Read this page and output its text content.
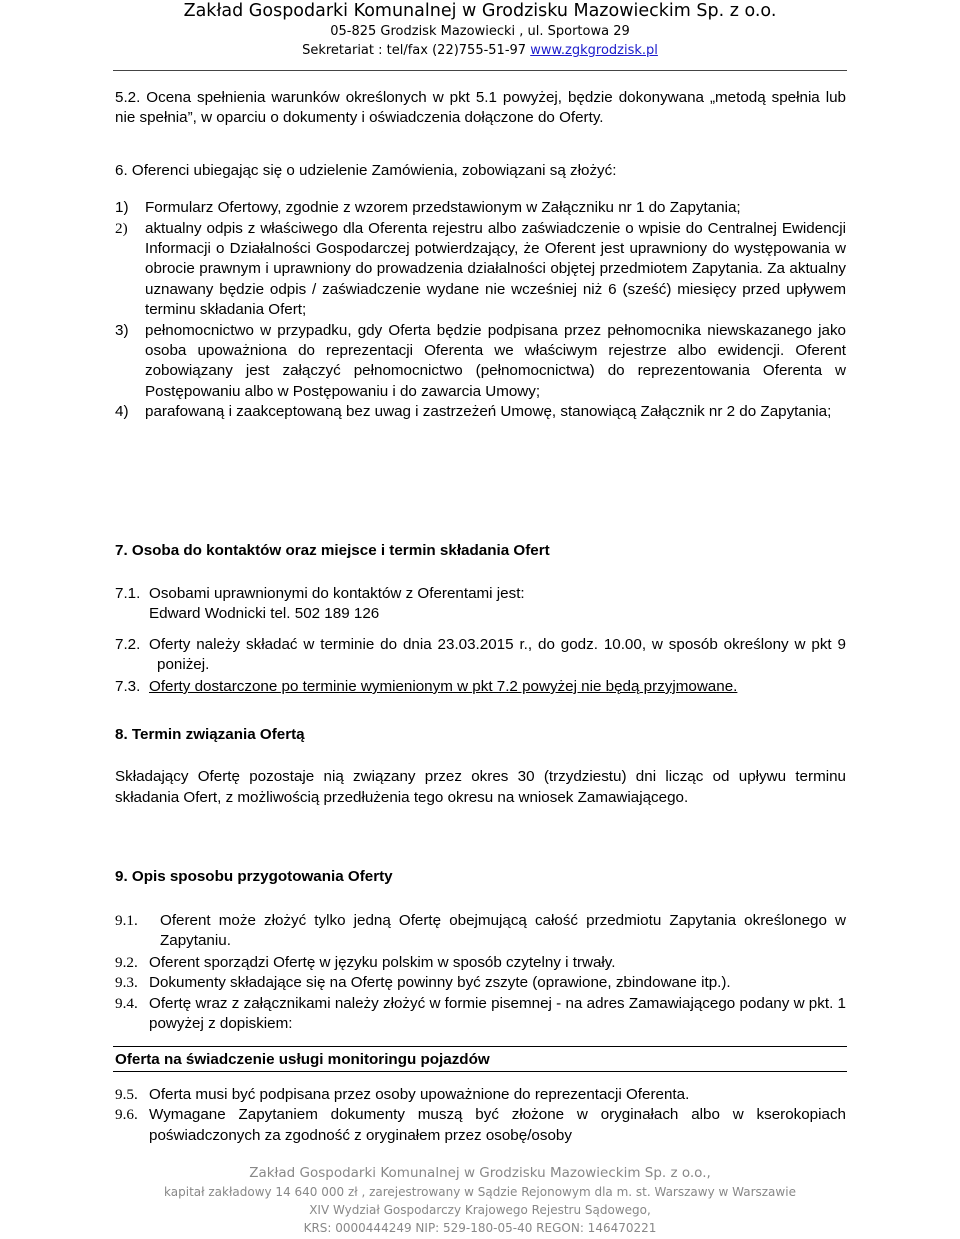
Zakład Gospodarki Komunalnej w Grodzisku Mazowieckim Sp. z o.o.
05-825 Grodzisk Mazowiecki , ul. Sportowa 29
Sekretariat : tel/fax (22)755-51-97 www.zgkgrodzisk.pl

5.2. Ocena spełnienia warunków określonych w pkt 5.1 powyżej, będzie dokonywana „metodą spełnia lub nie spełnia”, w oparciu o dokumenty i oświadczenia dołączone do Oferty.

6. Oferenci ubiegając się o udzielenie Zamówienia, zobowiązani są złożyć:

1)	Formularz Ofertowy, zgodnie z wzorem przedstawionym w Załączniku nr 1 do Zapytania;
2)	aktualny odpis z właściwego dla Oferenta rejestru albo zaświadczenie o wpisie do Centralnej Ewidencji Informacji o Działalności Gospodarczej potwierdzający, że Oferent jest uprawniony do występowania w obrocie prawnym i uprawniony do prowadzenia działalności objętej przedmiotem Zapytania. Za aktualny uznawany będzie odpis / zaświadczenie wydane nie wcześniej niż 6 (sześć) miesięcy przed upływem terminu składania Ofert;
3)	pełnomocnictwo w przypadku, gdy Oferta będzie podpisana przez pełnomocnika niewskazanego jako osoba upoważniona do reprezentacji Oferenta we właściwym rejestrze albo ewidencji. Oferent zobowiązany jest załączyć pełnomocnictwo (pełnomocnictwa) do reprezentowania Oferenta w Postępowaniu albo w Postępowaniu i do zawarcia Umowy;
4)	parafowaną i zaakceptowaną bez uwag i zastrzeżeń Umowę, stanowiącą Załącznik nr 2 do Zapytania;
7. Osoba do kontaktów oraz miejsce i termin składania Ofert
7.1. Osobami uprawnionymi do kontaktów z Oferentami jest:
Edward Wodnicki tel. 502 189 126
7.2. Oferty należy składać w terminie do dnia 23.03.2015 r., do godz. 10.00, w sposób określony w pkt 9 poniżej.
7.3. Oferty dostarczone po terminie wymienionym w pkt 7.2 powyżej nie będą przyjmowane.
8. Termin związania Ofertą

Składający Ofertę pozostaje nią związany przez okres 30 (trzydziestu) dni licząc od upływu terminu składania Ofert, z możliwością przedłużenia tego okresu na wniosek Zamawiającego.

9. Opis sposobu przygotowania Oferty
9.1.	Oferent może złożyć tylko jedną Ofertę obejmującą całość przedmiotu Zapytania określonego w Zapytaniu.
9.2. Oferent sporządzi Ofertę w języku polskim w sposób czytelny i trwały.
9.3. Dokumenty składające się na Ofertę powinny być zszyte (oprawione, zbindowane itp.).
9.4. Ofertę wraz z załącznikami należy złożyć w formie pisemnej - na adres Zamawiającego podany w pkt. 1 powyżej z dopiskiem:
Oferta na świadczenie usługi monitoringu pojazdów
9.5. Oferta musi być podpisana przez osoby upoważnione do reprezentacji Oferenta.
9.6. Wymagane Zapytaniem dokumenty muszą być złożone w oryginałach albo w kserokopiach poświadczonych za zgodność z oryginałem przez osobę/osoby
Zakład Gospodarki Komunalnej w Grodzisku Mazowieckim Sp. z o.o.,
kapitał zakładowy 14 640 000 zł , zarejestrowany w Sądzie Rejonowym dla m. st. Warszawy w Warszawie
XIV Wydział Gospodarczy Krajowego Rejestru Sądowego,
KRS: 0000444249 NIP: 529-180-05-40 REGON: 146470221
